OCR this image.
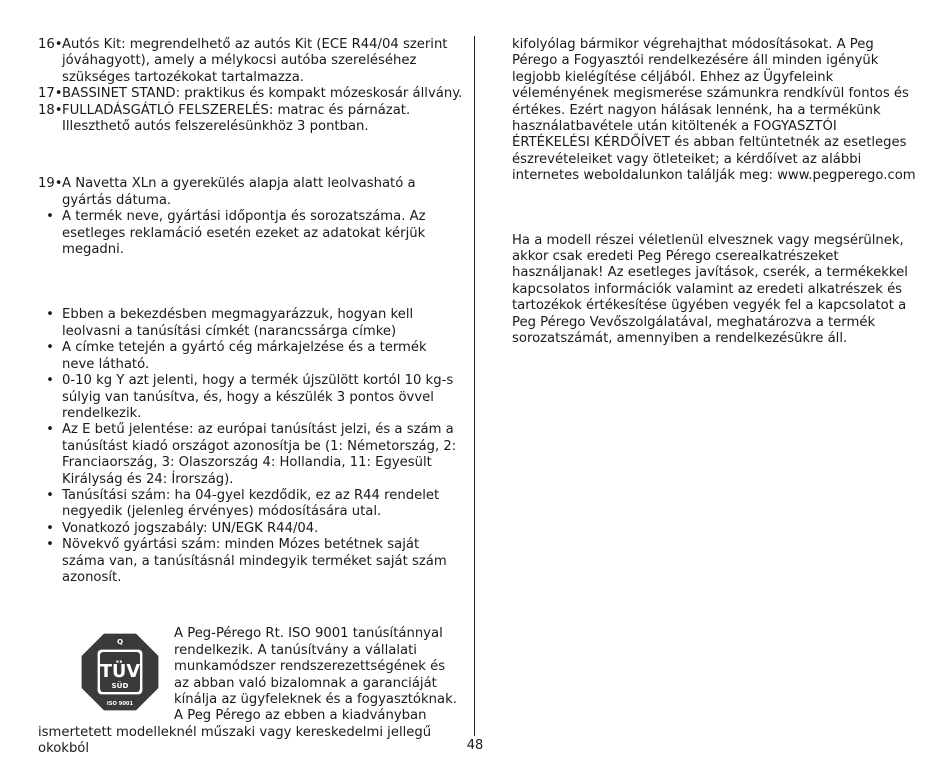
16• Autós Kit: megrendelhető az autós Kit (ECE R44/04 szerint jóváhagyott), amely a mélykocsi autóba szereléséhez szükséges tartozékokat tartalmazza.
17• BASSINET STAND: praktikus és kompakt mózeskosár állvány.
18• FULLADÁSGÁTLÓ FELSZERELÉS: matrac és párnázat. Illeszthető autós felszerelésünkhöz 3 pontban.
19• A Navetta XLn a gyerekülés alapja alatt leolvasható a gyártás dátuma.
• A termék neve, gyártási időpontja és sorozatszáma. Az esetleges reklamáció esetén ezeket az adatokat kérjük megadni.
• Ebben a bekezdésben megmagyarázzuk, hogyan kell leolvasni a tanúsítási címkét (narancssárga címke)
• A címke tetején a gyártó cég márkajelzése és a termék neve látható.
• 0-10 kg Y azt jelenti, hogy a termék újszülött kortól 10 kg-s súlyig van tanúsítva, és, hogy a készülék 3 pontos övvel rendelkezik.
• Az E betű jelentése: az európai tanúsítást jelzi, és a szám a tanúsítást kiadó országot azonosítja be (1: Németország, 2: Franciaország, 3: Olaszország 4: Hollandia, 11: Egyesült Királyság és 24: Írország).
• Tanúsítási szám: ha 04-gyel kezdődik, ez az R44 rendelet negyedik (jelenleg érvényes) módosítására utal.
• Vonatkozó jogszabály: UN/EGK R44/04.
• Növekvő gyártási szám: minden Mózes betétnek saját száma van, a tanúsításnál mindegyik terméket saját szám azonosít.
Q
TÜV
SÜD
ISO 9001

A Peg-Pérego Rt. ISO 9001 tanúsítánnyal rendelkezik. A tanúsítvány a vállalati munkamódszer rendszerezettségének és az abban való bizalomnak a garanciáját kínálja az ügyfeleknek és a fogyasztóknak. A Peg Pérego az ebben a kiadványban ismertetett modelleknél műszaki vagy kereskedelmi jellegű okokból

kifolyólag bármikor végrehajthat módosításokat. A Peg Pérego a Fogyasztói rendelkezésére áll minden igényük legjobb kielégítése céljából. Ehhez az Ügyfeleink véleményének megismerése számunkra rendkívül fontos és értékes. Ezért nagyon hálásak lennénk, ha a termékünk használatbavétele után kitöltenék a FOGYASZTÓI ÉRTÉKELÉSI KÉRDŐÍVET és abban feltüntetnék az esetleges észrevételeiket vagy ötleteiket; a kérdőívet az alábbi internetes weboldalunkon találják meg: www.pegperego.com

Ha a modell részei véletlenül elvesznek vagy megsérülnek, akkor csak eredeti Peg Pérego cserealkatrészeket használjanak! Az esetleges javítások, cserék, a termékekkel kapcsolatos információk valamint az eredeti alkatrészek és tartozékok értékesítése ügyében vegyék fel a kapcsolatot a Peg Pérego Vevőszolgálatával, meghatározva a termék sorozatszámát, amennyiben a rendelkezésükre áll.

48
